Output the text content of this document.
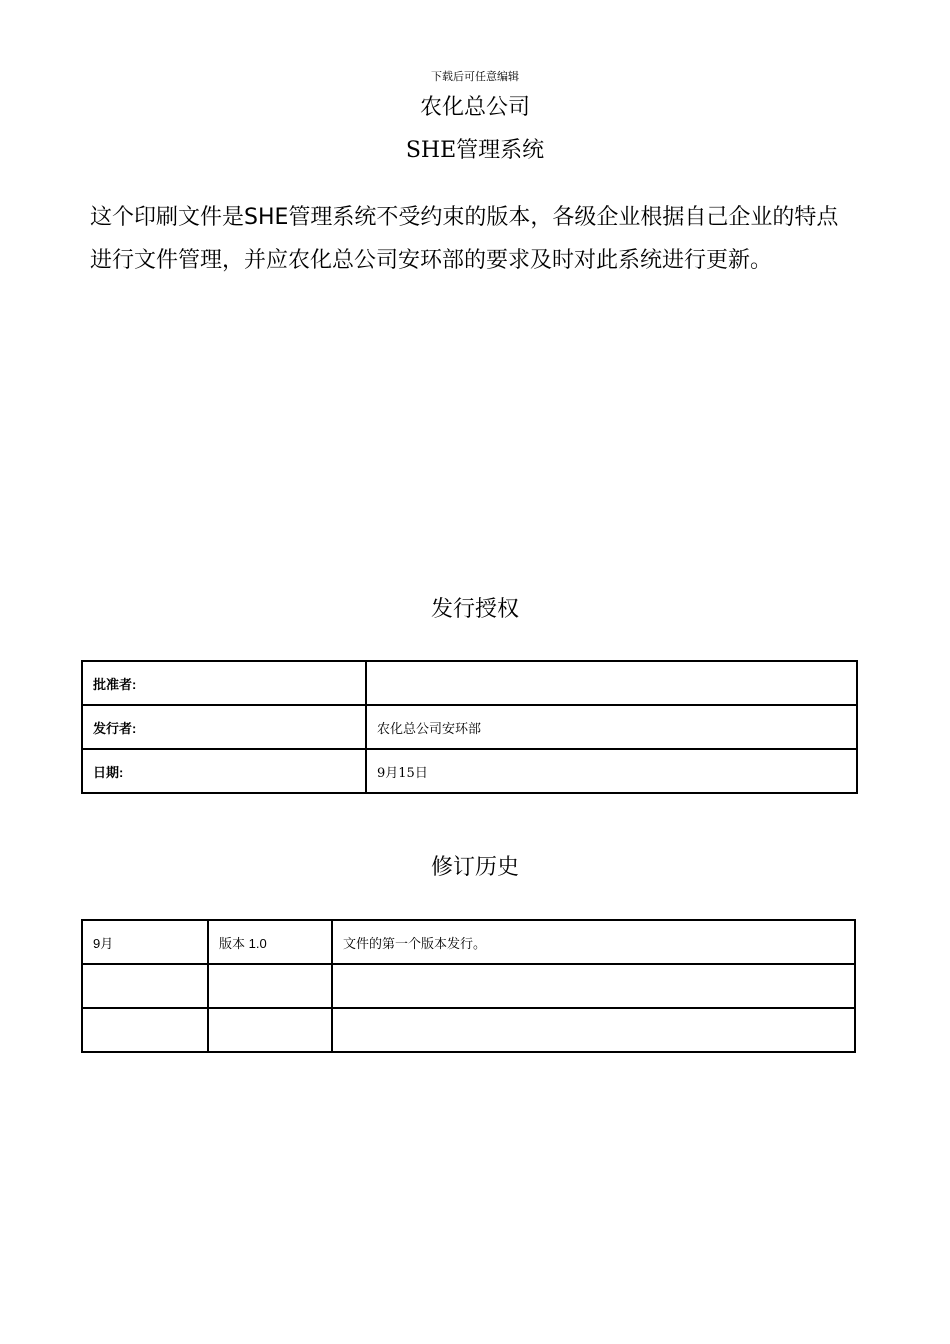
下载后可任意编辑
农化总公司
SHE管理系统
这个印刷文件是SHE管理系统不受约束的版本，各级企业根据自己企业的特点进行文件管理，并应农化总公司安环部的要求及时对此系统进行更新。
发行授权
批准者:	
发行者:	农化总公司安环部
日期:	9月15日
修订历史
9月	版本 1.0	文件的第一个版本发行。
